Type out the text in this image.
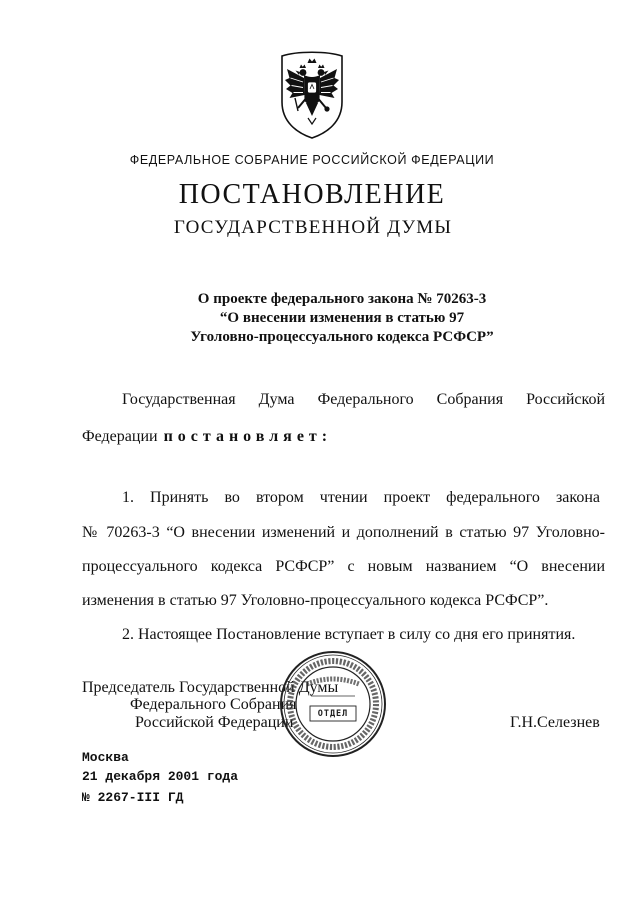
ФЕДЕРАЛЬНОЕ СОБРАНИЕ РОССИЙСКОЙ ФЕДЕРАЦИИ
ПОСТАНОВЛЕНИЕ
ГОСУДАРСТВЕННОЙ ДУМЫ
О проекте федерального закона № 70263-3
“О внесении изменения в статью 97
Уголовно-процессуального кодекса РСФСР”
Государственная Дума Федерального Собрания Российской
Федерации постановляет:
1. Принять во втором чтении проект федерального закона
№ 70263-3 “О внесении изменений и дополнений в статью 97 Уголовно-
процессуального кодекса РСФСР” с новым названием “О внесении
изменения в статью 97 Уголовно-процессуального кодекса РСФСР”.
2. Настоящее Постановление вступает в силу со дня его принятия.
Председатель Государственной Думы
Федерального Собрания
Российской Федерации	Г.Н.Селезнев
ОТДЕЛ
Москва
21 декабря 2001 года
№ 2267-III ГД
